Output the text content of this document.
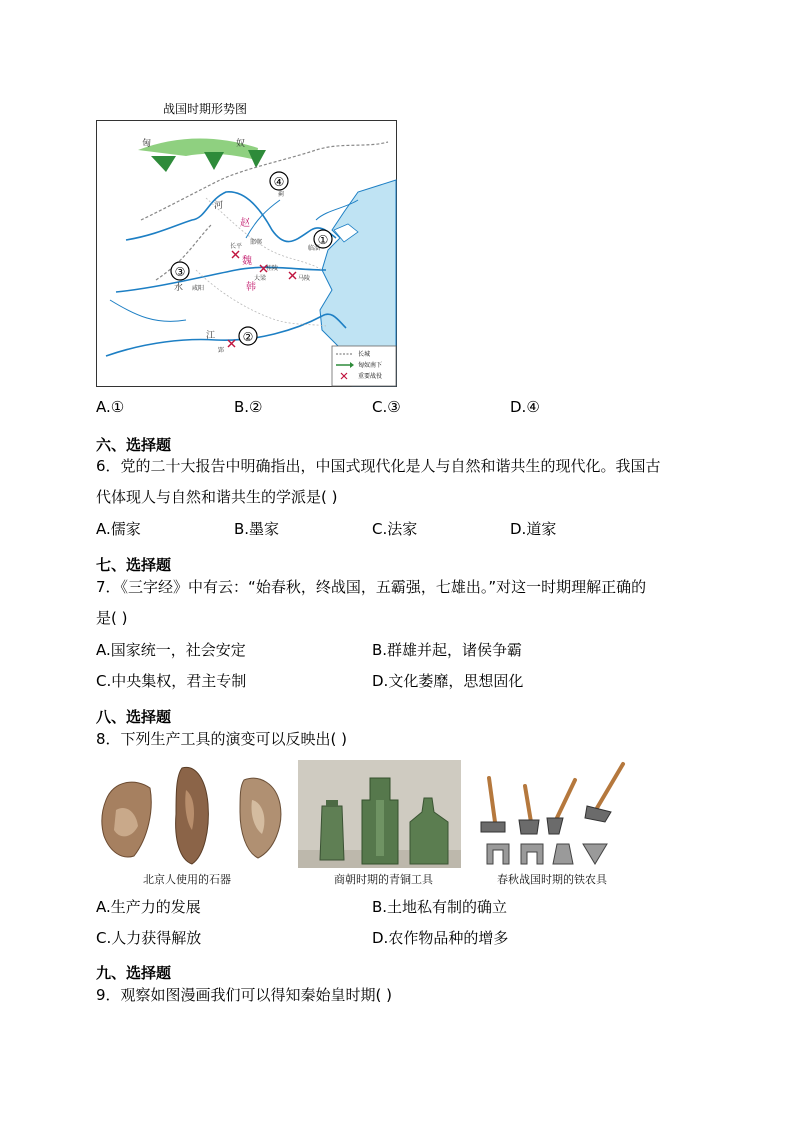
战国时期形势图
①
②
③
④
匈	奴
河
水
江
长平
邯郸
大梁	马陵
桂陵
咸阳
蓟
郢
临淄
赵
魏
韩
长城
匈奴南下
重要战役
A.①	B.②	C.③	D.④
六、选择题
6．党的二十大报告中明确指出，中国式现代化是人与自然和谐共生的现代化。我国古
代体现人与自然和谐共生的学派是( )
A.儒家	B.墨家	C.法家	D.道家
七、选择题
7．《三字经》中有云：“始春秋，终战国，五霸强，七雄出。”对这一时期理解正确的
是( )
A.国家统一，社会安定	B.群雄并起，诸侯争霸
C.中央集权，君主专制	D.文化萎靡，思想固化
八、选择题
8．下列生产工具的演变可以反映出( )
北京人使用的石器	商朝时期的青铜工具	春秋战国时期的铁农具
A.生产力的发展	B.土地私有制的确立
C.人力获得解放	D.农作物品种的增多
九、选择题
9．观察如图漫画我们可以得知秦始皇时期( )
